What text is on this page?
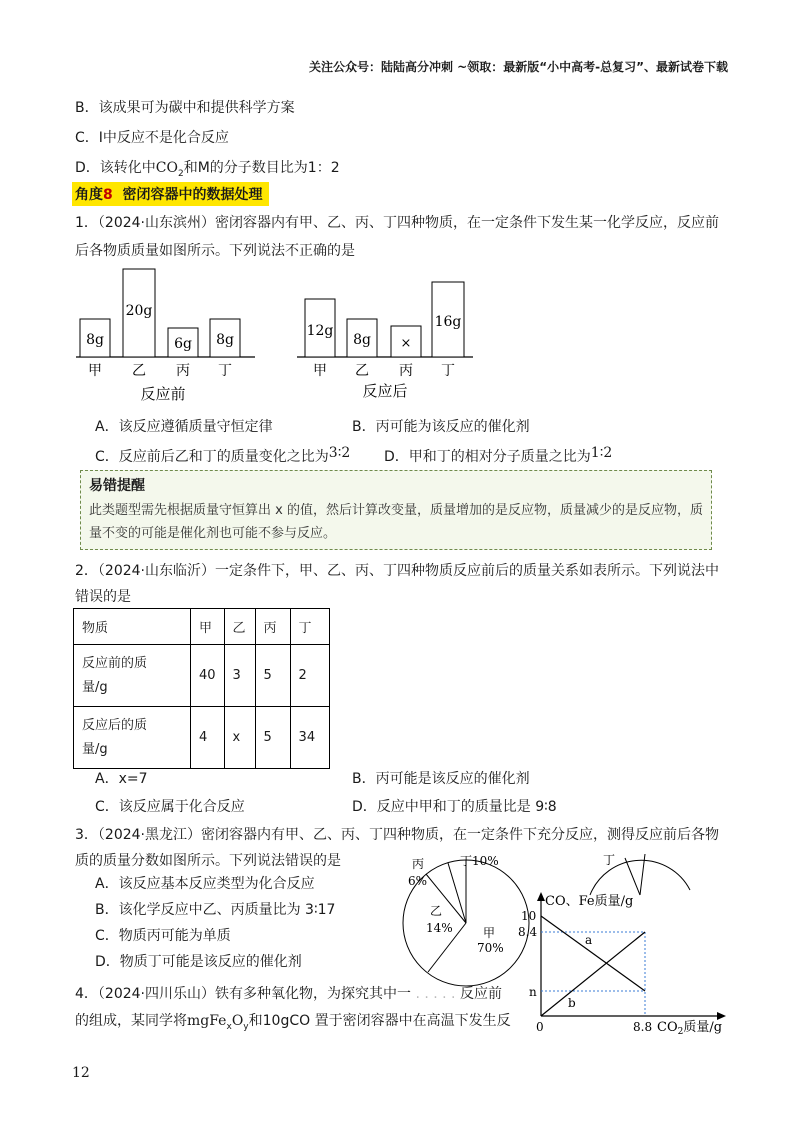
关注公众号：陆陆高分冲刺 ~领取：最新版“小中高考-总复习”、最新试卷下载
B．该成果可为碳中和提供科学方案
C．Ⅰ中反应不是化合反应
D．该转化中$CO_2$和M的分子数目比为1：2
角度8 密闭容器中的数据处理
1．（2024·山东滨州）密闭容器内有甲、乙、丙、丁四种物质，在一定条件下发生某一化学反应，反应前
后各物质质量如图所示。下列说法不正确的是
8g
20g
6g 8g
甲 乙 丙 丁
反应前
12g
8g ×
16g
甲 乙 丙 丁
反应后
A．该反应遵循质量守恒定律	B．丙可能为该反应的催化剂
C．反应前后乙和丁的质量变化之比为3∶2 D．甲和丁的相对分子质量之比为1∶2
易错提醒
此类题型需先根据质量守恒算出 x 的值，然后计算改变量，质量增加的是反应物，质量减少的是反应物，质量不变的可能是催化剂也可能不参与反应。
2．（2024·山东临沂）一定条件下，甲、乙、丙、丁四种物质反应前后的质量关系如表所示。下列说法中
错误的是
物质	甲	乙	丙	丁
反应前的质
量/g	40	3	5	2
反应后的质
量/g	4	x	5	34
A．x=7	B．丙可能是该反应的催化剂
C．该反应属于化合反应	D．反应中甲和丁的质量比是 9∶8
3．（2024·黑龙江）密闭容器内有甲、乙、丙、丁四种物质，在一定条件下充分反应，测得反应前后各物
质的质量分数如图所示。下列说法错误的是
A．该反应基本反应类型为化合反应
B．该化学反应中乙、丙质量比为 3∶17
C．物质丙可能为单质
D．物质丁可能是该反应的催化剂
丁10%
丙
6%
乙
14%	甲
70%
丁
4．（2024·四川乐山）铁有多种氧化物，为探究其中一 . . . . . 反应前
的组成，某同学将$mgFe_xO_y$和10gCO 置于密闭容器中在高温下发生反
CO、Fe质量/g
10
8.4
n
0	8.8
a
b
$CO_2$质量/g
12
